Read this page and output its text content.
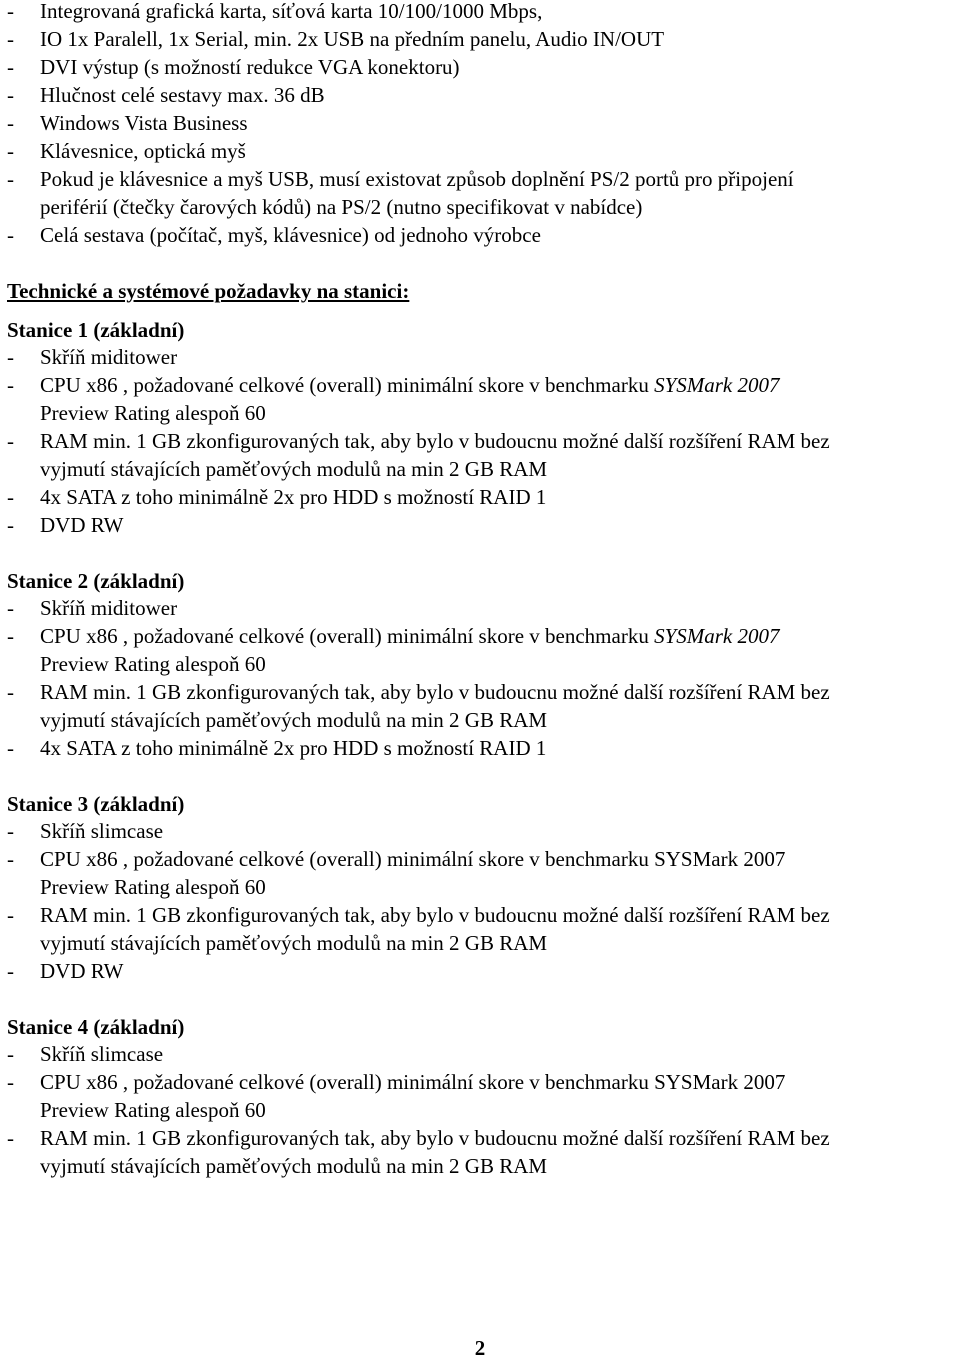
- Integrovaná grafická karta, síťová karta 10/100/1000 Mbps,
- IO 1x Paralell, 1x Serial, min. 2x USB na předním panelu, Audio IN/OUT
- DVI výstup (s možností redukce VGA konektoru)
- Hlučnost celé sestavy max. 36 dB
- Windows Vista Business
- Klávesnice, optická myš
- Pokud je klávesnice a myš USB, musí existovat způsob doplnění PS/2 portů pro připojení
periférií (čtečky čarových kódů) na PS/2 (nutno specifikovat v nabídce)
- Celá sestava (počítač, myš, klávesnice) od jednoho výrobce
Technické a systémové požadavky na stanici:
Stanice 1 (základní)
- Skříň miditower
- CPU x86 , požadované celkové (overall) minimální skore v benchmarku SYSMark 2007
Preview Rating alespoň 60
- RAM min. 1 GB zkonfigurovaných tak, aby bylo v budoucnu možné další rozšíření RAM bez
vyjmutí stávajících paměťových modulů na min 2 GB RAM
- 4x SATA z toho minimálně 2x pro HDD s možností RAID 1
- DVD RW
Stanice 2 (základní)
- Skříň miditower
- CPU x86 , požadované celkové (overall) minimální skore v benchmarku SYSMark 2007
Preview Rating alespoň 60
- RAM min. 1 GB zkonfigurovaných tak, aby bylo v budoucnu možné další rozšíření RAM bez
vyjmutí stávajících paměťových modulů na min 2 GB RAM
- 4x SATA z toho minimálně 2x pro HDD s možností RAID 1
Stanice 3 (základní)
- Skříň slimcase
- CPU x86 , požadované celkové (overall) minimální skore v benchmarku SYSMark 2007
Preview Rating alespoň 60
- RAM min. 1 GB zkonfigurovaných tak, aby bylo v budoucnu možné další rozšíření RAM bez
vyjmutí stávajících paměťových modulů na min 2 GB RAM
- DVD RW
Stanice 4 (základní)
- Skříň slimcase
- CPU x86 , požadované celkové (overall) minimální skore v benchmarku SYSMark 2007
Preview Rating alespoň 60
- RAM min. 1 GB zkonfigurovaných tak, aby bylo v budoucnu možné další rozšíření RAM bez
vyjmutí stávajících paměťových modulů na min 2 GB RAM
2
